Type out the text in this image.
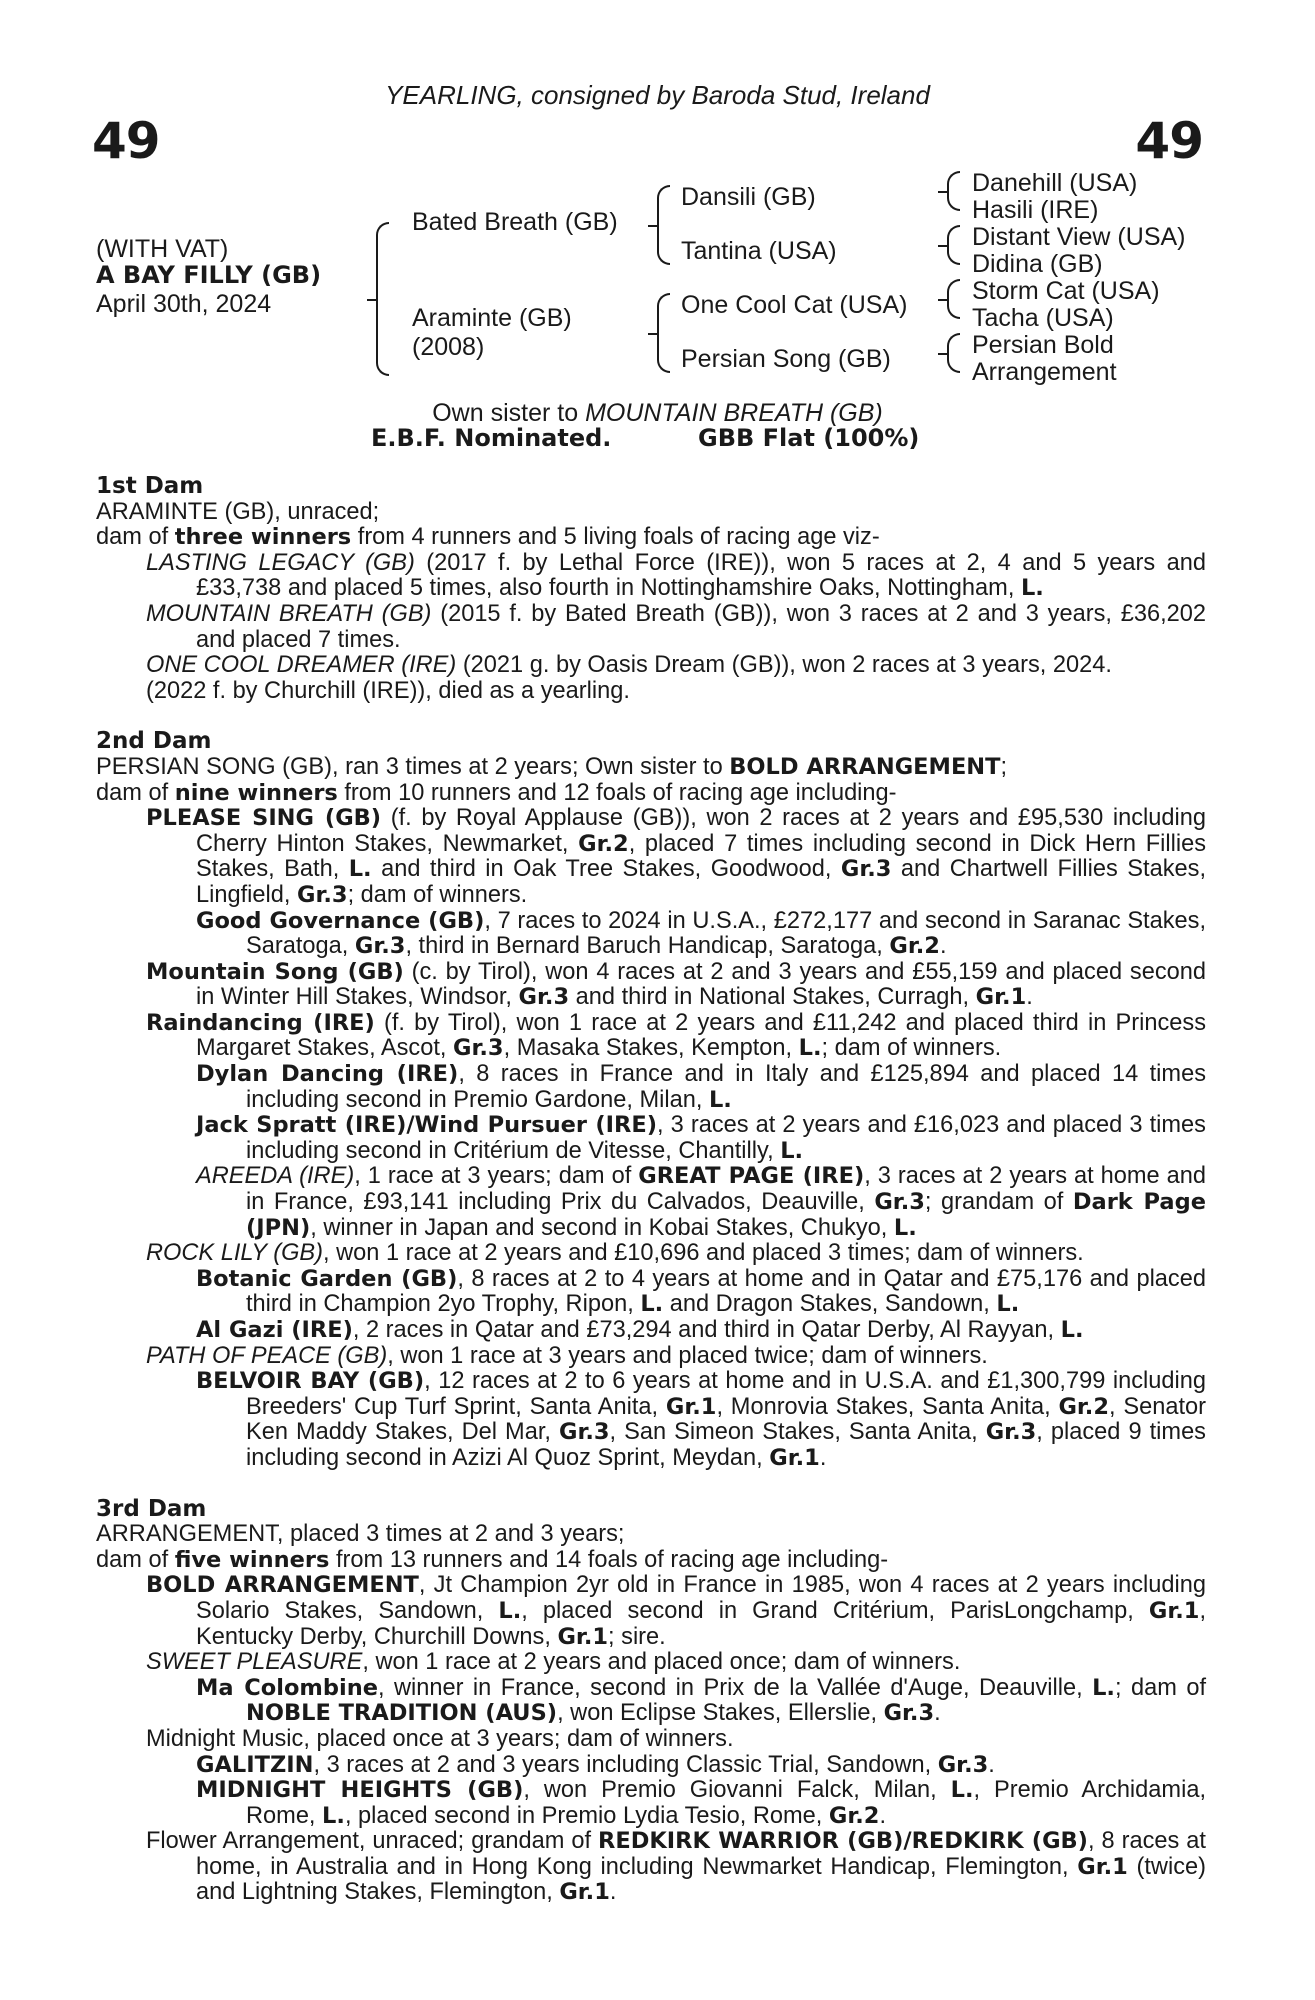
49	49
YEARLING, consigned by Baroda Stud, Ireland
(WITH VAT)
A BAY FILLY (GB)
April 30th, 2024
Bated Breath (GB)
Araminte (GB)
(2008)
Dansili (GB)
Tantina (USA)
One Cool Cat (USA)
Persian Song (GB)
Danehill (USA)
Hasili (IRE)
Distant View (USA)
Didina (GB)
Storm Cat (USA)
Tacha (USA)
Persian Bold
Arrangement
Own sister to MOUNTAIN BREATH (GB)
E.B.F. Nominated.	GBB Flat (100%)
1st Dam

ARAMINTE (GB), unraced;

dam of three winners from 4 runners and 5 living foals of racing age viz-

LASTING LEGACY (GB) (2017 f. by Lethal Force (IRE)), won 5 races at 2, 4 and 5 years and £33,738 and placed 5 times, also fourth in Nottinghamshire Oaks, Nottingham, L.

MOUNTAIN BREATH (GB) (2015 f. by Bated Breath (GB)), won 3 races at 2 and 3 years, £36,202 and placed 7 times.

ONE COOL DREAMER (IRE) (2021 g. by Oasis Dream (GB)), won 2 races at 3 years, 2024.

(2022 f. by Churchill (IRE)), died as a yearling.

2nd Dam

PERSIAN SONG (GB), ran 3 times at 2 years; Own sister to BOLD ARRANGEMENT;

dam of nine winners from 10 runners and 12 foals of racing age including-

PLEASE SING (GB) (f. by Royal Applause (GB)), won 2 races at 2 years and £95,530 including Cherry Hinton Stakes, Newmarket, Gr.2, placed 7 times including second in Dick Hern Fillies Stakes, Bath, L. and third in Oak Tree Stakes, Goodwood, Gr.3 and Chartwell Fillies Stakes, Lingfield, Gr.3; dam of winners.

Good Governance (GB), 7 races to 2024 in U.S.A., £272,177 and second in Saranac Stakes, Saratoga, Gr.3, third in Bernard Baruch Handicap, Saratoga, Gr.2.

Mountain Song (GB) (c. by Tirol), won 4 races at 2 and 3 years and £55,159 and placed second in Winter Hill Stakes, Windsor, Gr.3 and third in National Stakes, Curragh, Gr.1.

Raindancing (IRE) (f. by Tirol), won 1 race at 2 years and £11,242 and placed third in Princess Margaret Stakes, Ascot, Gr.3, Masaka Stakes, Kempton, L.; dam of winners.

Dylan Dancing (IRE), 8 races in France and in Italy and £125,894 and placed 14 times including second in Premio Gardone, Milan, L.

Jack Spratt (IRE)/Wind Pursuer (IRE), 3 races at 2 years and £16,023 and placed 3 times including second in Critérium de Vitesse, Chantilly, L.

AREEDA (IRE), 1 race at 3 years; dam of GREAT PAGE (IRE), 3 races at 2 years at home and in France, £93,141 including Prix du Calvados, Deauville, Gr.3; grandam of Dark Page (JPN), winner in Japan and second in Kobai Stakes, Chukyo, L.

ROCK LILY (GB), won 1 race at 2 years and £10,696 and placed 3 times; dam of winners.

Botanic Garden (GB), 8 races at 2 to 4 years at home and in Qatar and £75,176 and placed third in Champion 2yo Trophy, Ripon, L. and Dragon Stakes, Sandown, L.

Al Gazi (IRE), 2 races in Qatar and £73,294 and third in Qatar Derby, Al Rayyan, L.

PATH OF PEACE (GB), won 1 race at 3 years and placed twice; dam of winners.

BELVOIR BAY (GB), 12 races at 2 to 6 years at home and in U.S.A. and £1,300,799 including Breeders' Cup Turf Sprint, Santa Anita, Gr.1, Monrovia Stakes, Santa Anita, Gr.2, Senator Ken Maddy Stakes, Del Mar, Gr.3, San Simeon Stakes, Santa Anita, Gr.3, placed 9 times including second in Azizi Al Quoz Sprint, Meydan, Gr.1.

3rd Dam

ARRANGEMENT, placed 3 times at 2 and 3 years;

dam of five winners from 13 runners and 14 foals of racing age including-

BOLD ARRANGEMENT, Jt Champion 2yr old in France in 1985, won 4 races at 2 years including Solario Stakes, Sandown, L., placed second in Grand Critérium, ParisLongchamp, Gr.1, Kentucky Derby, Churchill Downs, Gr.1; sire.

SWEET PLEASURE, won 1 race at 2 years and placed once; dam of winners.

Ma Colombine, winner in France, second in Prix de la Vallée d'Auge, Deauville, L.; dam of NOBLE TRADITION (AUS), won Eclipse Stakes, Ellerslie, Gr.3.

Midnight Music, placed once at 3 years; dam of winners.

GALITZIN, 3 races at 2 and 3 years including Classic Trial, Sandown, Gr.3.

MIDNIGHT HEIGHTS (GB), won Premio Giovanni Falck, Milan, L., Premio Archidamia, Rome, L., placed second in Premio Lydia Tesio, Rome, Gr.2.

Flower Arrangement, unraced; grandam of REDKIRK WARRIOR (GB)/REDKIRK (GB), 8 races at home, in Australia and in Hong Kong including Newmarket Handicap, Flemington, Gr.1 (twice) and Lightning Stakes, Flemington, Gr.1.
